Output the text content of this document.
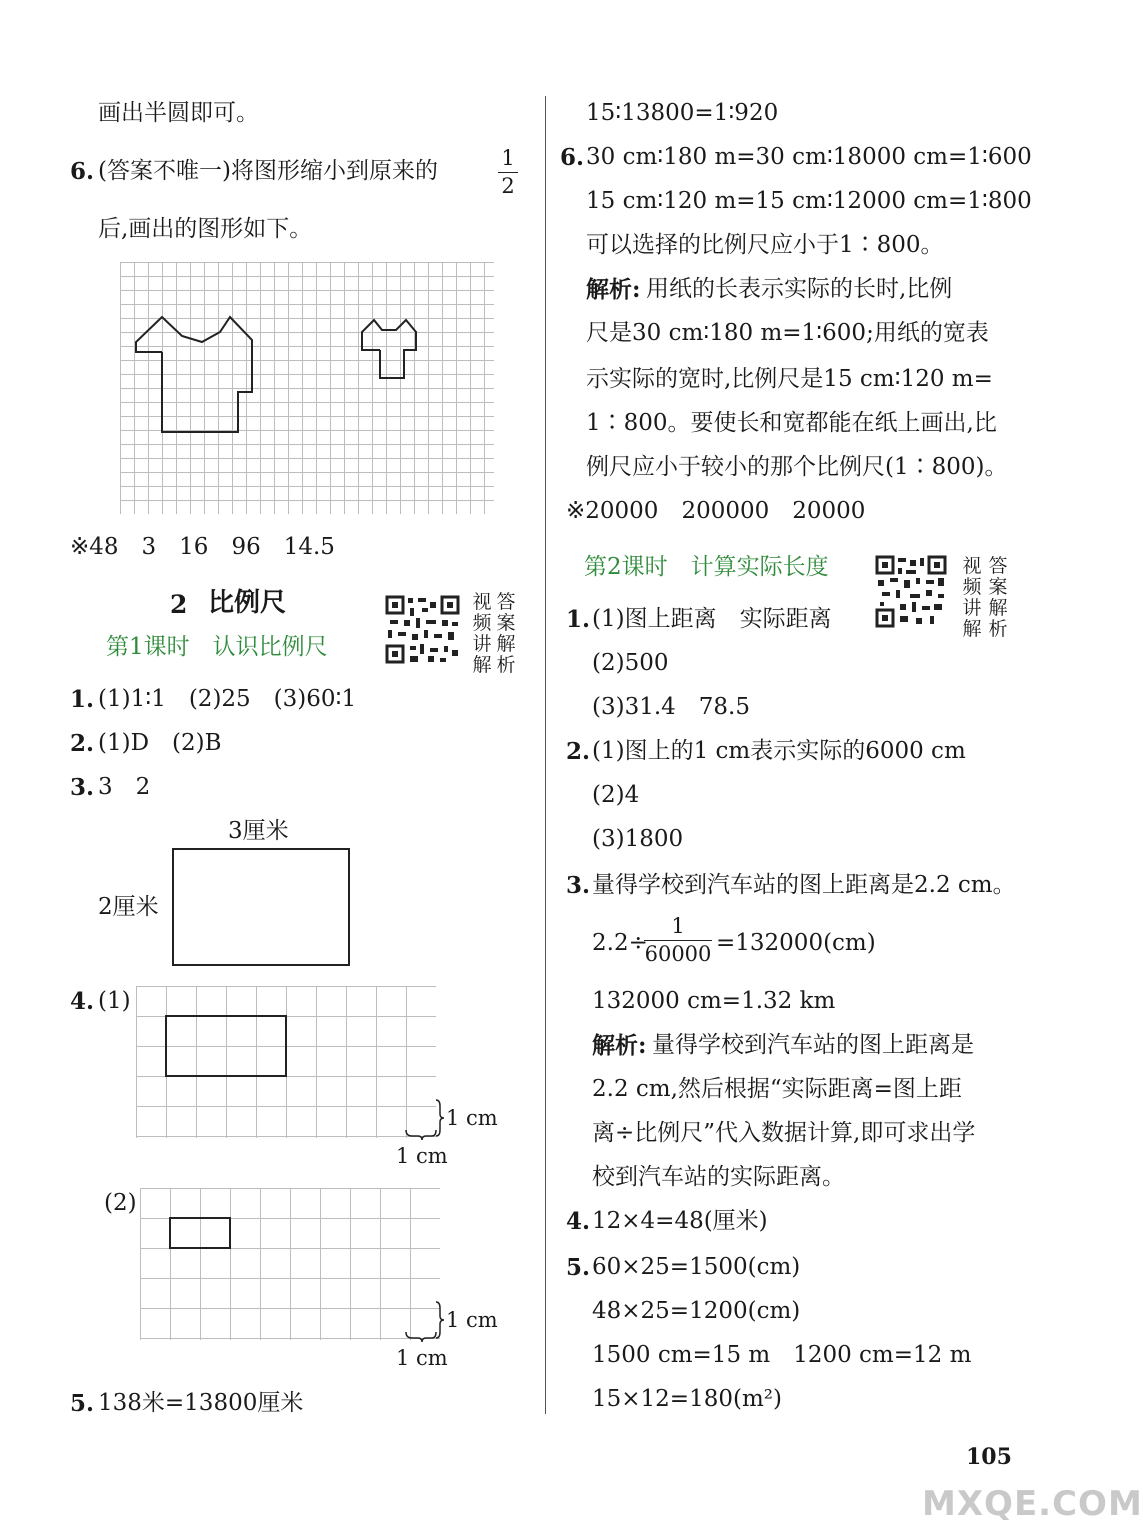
画出半圆即可。
6. (答案不唯一)将图形缩小到原来的	1
2
后,画出的图形如下。
※48　3　16　96　14.5
2 比例尺	视频讲解
答案解析
第1课时　认识比例尺
1. (1)1∶1　(2)25　(3)60∶1
2. (1)D　(2)B
3. 3　2
3厘米
2厘米
4. (1)
1 cm
1 cm
(2)
1 cm
1 cm
5. 138米=13800厘米
15∶13800=1∶920
6. 30 cm∶180 m=30 cm∶18000 cm=1∶600
15 cm∶120 m=15 cm∶12000 cm=1∶800
可以选择的比例尺应小于1∶800。
解析: 用纸的长表示实际的长时,比例
尺是30 cm∶180 m=1∶600;用纸的宽表
示实际的宽时,比例尺是15 cm∶120 m=
1∶800。要使长和宽都能在纸上画出,比
例尺应小于较小的那个比例尺(1∶800)。
※20000　200000　20000
第2课时　计算实际长度	视频讲解
答案解析
1. (1)图上距离　实际距离
(2)500
(3)31.4　78.5
2. (1)图上的1 cm表示实际的6000 cm
(2)4
(3)1800
3. 量得学校到汽车站的图上距离是2.2 cm。
2.2÷
1
60000 =132000(cm)
132000 cm=1.32 km
解析: 量得学校到汽车站的图上距离是
2.2 cm,然后根据“实际距离=图上距
离÷比例尺”代入数据计算,即可求出学
校到汽车站的实际距离。
4. 12×4=48(厘米)
5. 60×25=1500(cm)
48×25=1200(cm)
1500 cm=15 m　1200 cm=12 m
15×12=180(m²)
105
MXQE.COM
